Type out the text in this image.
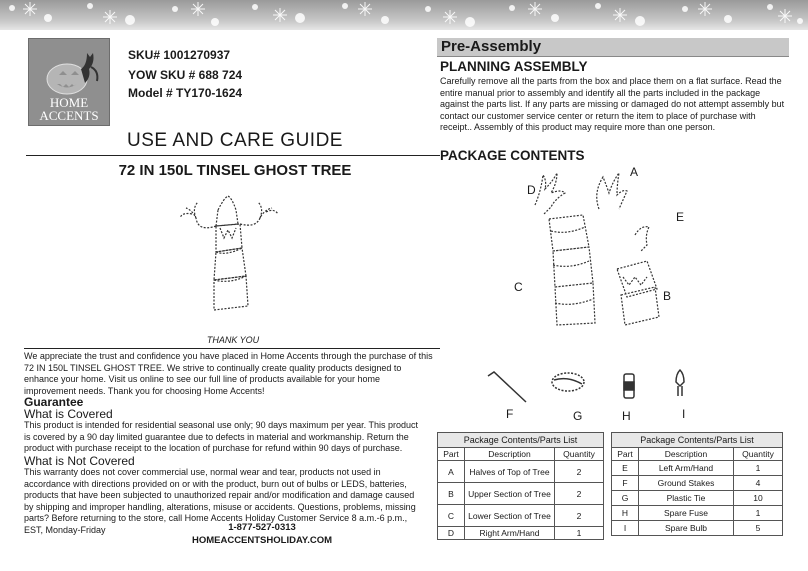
HOME
ACCENTS
SKU# 1001270937
YOW SKU # 688 724
Model # TY170-1624
USE AND CARE GUIDE
72 IN 150L TINSEL GHOST TREE
THANK YOU
We appreciate the trust and confidence you have placed in Home Accents through the purchase of this 72 IN 150L TINSEL GHOST TREE. We strive to continually create quality products designed to enhance your home. Visit us online to see our full line of products available for your home improvement needs. Thank you for choosing Home Accents!
Guarantee
What is Covered
This product is intended for residential seasonal use only; 90 days maximum per year. This product is covered by a 90 day limited guarantee due to defects in material and workmanship. Return the product with purchase receipt to the location of purchase for refund within 90 days of purchase.
What is Not Covered
This warranty does not cover commercial use, normal wear and tear, products not used in accordance with directions provided on or with the product, burn out of bulbs or LEDS, batteries, products that have been subjected to unauthorized repair and/or modification and damage caused by shipping and improper handling, alterations, misuse or accidents. Questions, problems, missing parts? Before returning to the store, call Home Accents Holiday Customer Service 8 a.m.-6 p.m., EST, Monday-Friday	1-877-527-0313
HOMEACCENTSHOLIDAY.COM
Pre-Assembly
PLANNING ASSEMBLY
Carefully remove all the parts from the box and place them on a flat surface. Read the entire manual prior to assembly and identify all the parts included in the package against the parts list. If any parts are missing or damaged do not attempt assembly but contact our customer service center or return the item to place of purchase with receipt.. Assembly of this product may require more than one person.
PACKAGE CONTENTS
A
D
E
C
B
F	G	H	I
Package Contents/Parts List
Part	Description	Quantity
A	Halves of Top of Tree	2
B	Upper Section of Tree	2
C	Lower Section of Tree	2
D	Right Arm/Hand	1
Package Contents/Parts List
Part	Description	Quantity
E	Left Arm/Hand	1
F	Ground Stakes	4
G	Plastic Tie	10
H	Spare Fuse	1
I	Spare Bulb	5
